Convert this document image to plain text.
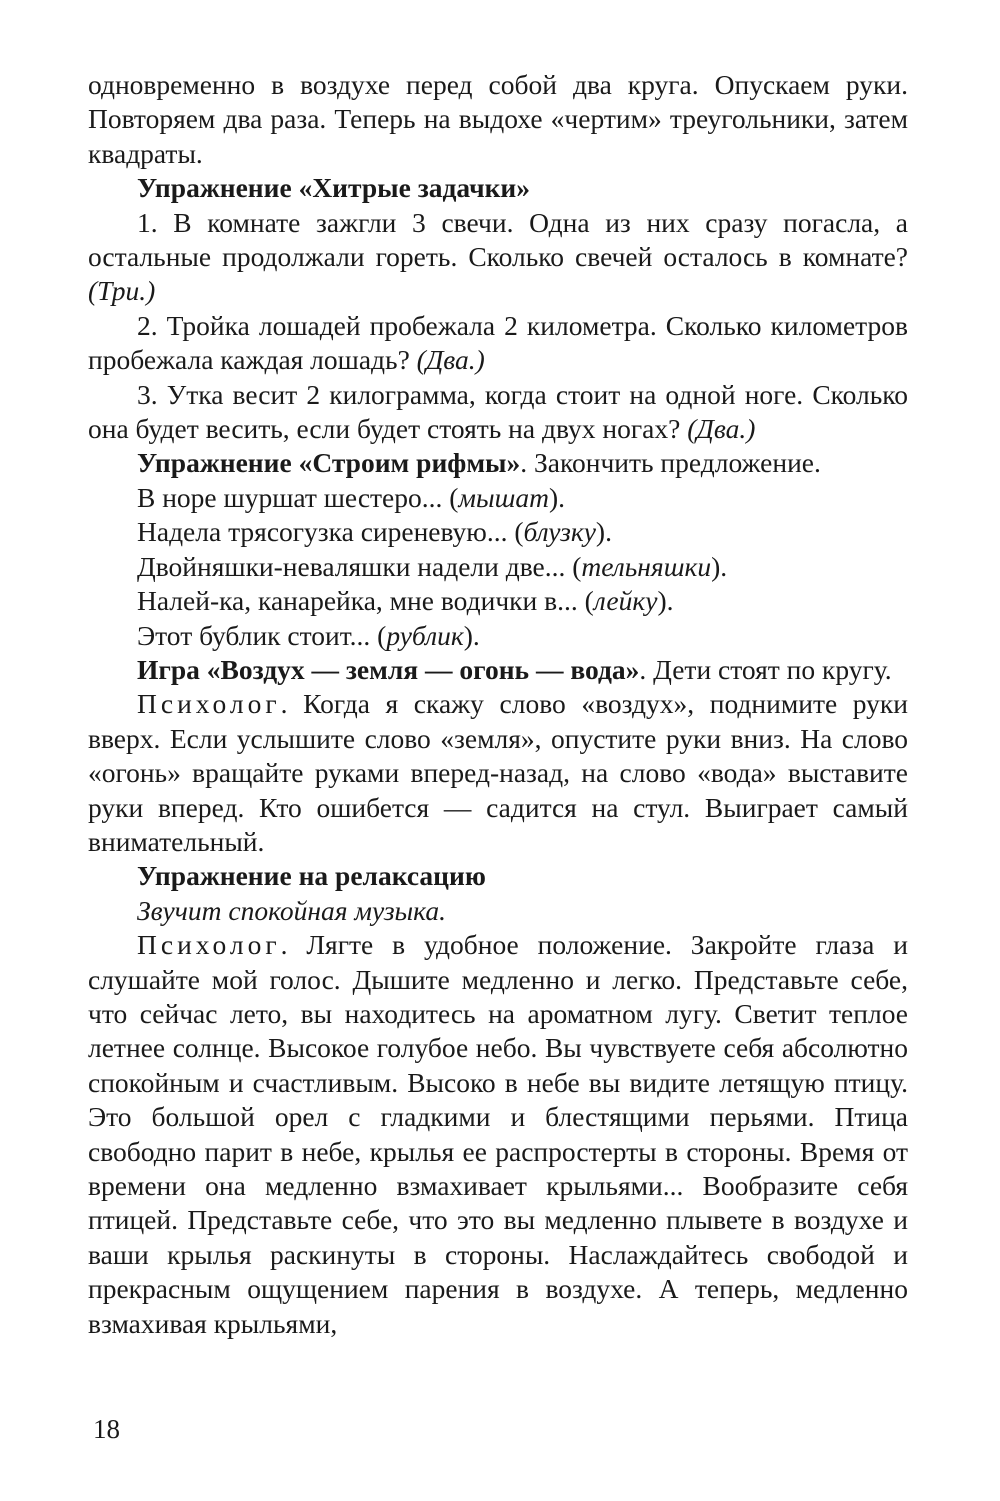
одновременно в воздухе перед собой два круга. Опускаем руки. Повторяем два раза. Теперь на выдохе «чертим» треугольники, затем квадраты.

Упражнение «Хитрые задачки»

1. В комнате зажгли 3 свечи. Одна из них сразу погасла, а остальные продолжали гореть. Сколько свечей осталось в комнате? (Три.)

2. Тройка лошадей пробежала 2 километра. Сколько километров пробежала каждая лошадь? (Два.)

3. Утка весит 2 килограмма, когда стоит на одной ноге. Сколько она будет весить, если будет стоять на двух ногах? (Два.)

Упражнение «Строим рифмы». Закончить предложение.

В норе шуршат шестеро... (мышат).

Надела трясогузка сиреневую... (блузку).

Двойняшки-неваляшки надели две... (тельняшки).

Налей-ка, канарейка, мне водички в... (лейку).

Этот бублик стоит... (рублик).

Игра «Воздух — земля — огонь — вода». Дети стоят по кругу.

Психолог. Когда я скажу слово «воздух», поднимите руки вверх. Если услышите слово «земля», опустите руки вниз. На слово «огонь» вращайте руками вперед-назад, на слово «вода» выставите руки вперед. Кто ошибется — садится на стул. Выиграет самый внимательный.

Упражнение на релаксацию

Звучит спокойная музыка.

Психолог. Лягте в удобное положение. Закройте глаза и слушайте мой голос. Дышите медленно и легко. Представьте себе, что сейчас лето, вы находитесь на ароматном лугу. Светит теплое летнее солнце. Высокое голубое небо. Вы чувствуете себя абсолютно спокойным и счастливым. Высоко в небе вы видите летящую птицу. Это большой орел с гладкими и блестящими перьями. Птица свободно парит в небе, крылья ее распростерты в стороны. Время от времени она медленно взмахивает крыльями... Вообразите себя птицей. Представьте себе, что это вы медленно плывете в воздухе и ваши крылья раскинуты в стороны. Наслаждайтесь свободой и прекрасным ощущением парения в воздухе. А теперь, медленно взмахивая крыльями,

18
